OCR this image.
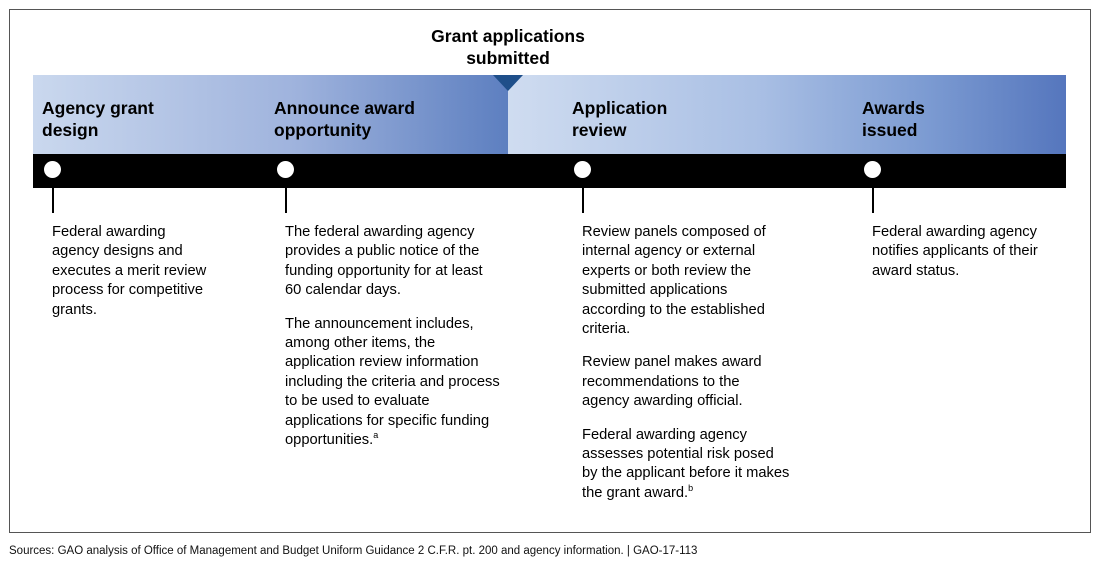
Grant applications
submitted
Agency grant
design
Announce award
opportunity
Application
review
Awards
issued

Federal awarding
agency designs and
executes a merit review
process for competitive
grants.

The federal awarding agency
provides a public notice of the
funding opportunity for at least
60 calendar days.

The announcement includes,
among other items, the
application review information
including the criteria and process
to be used to evaluate
applications for specific funding
opportunities.$^a$

Review panels composed of
internal agency or external
experts or both review the
submitted applications
according to the established
criteria.

Review panel makes award
recommendations to the
agency awarding official.

Federal awarding agency
assesses potential risk posed
by the applicant before it makes
the grant award.$^b$

Federal awarding agency
notifies applicants of their
award status.

Sources: GAO analysis of Office of Management and Budget Uniform Guidance 2 C.F.R. pt. 200 and agency information. | GAO-17-113
